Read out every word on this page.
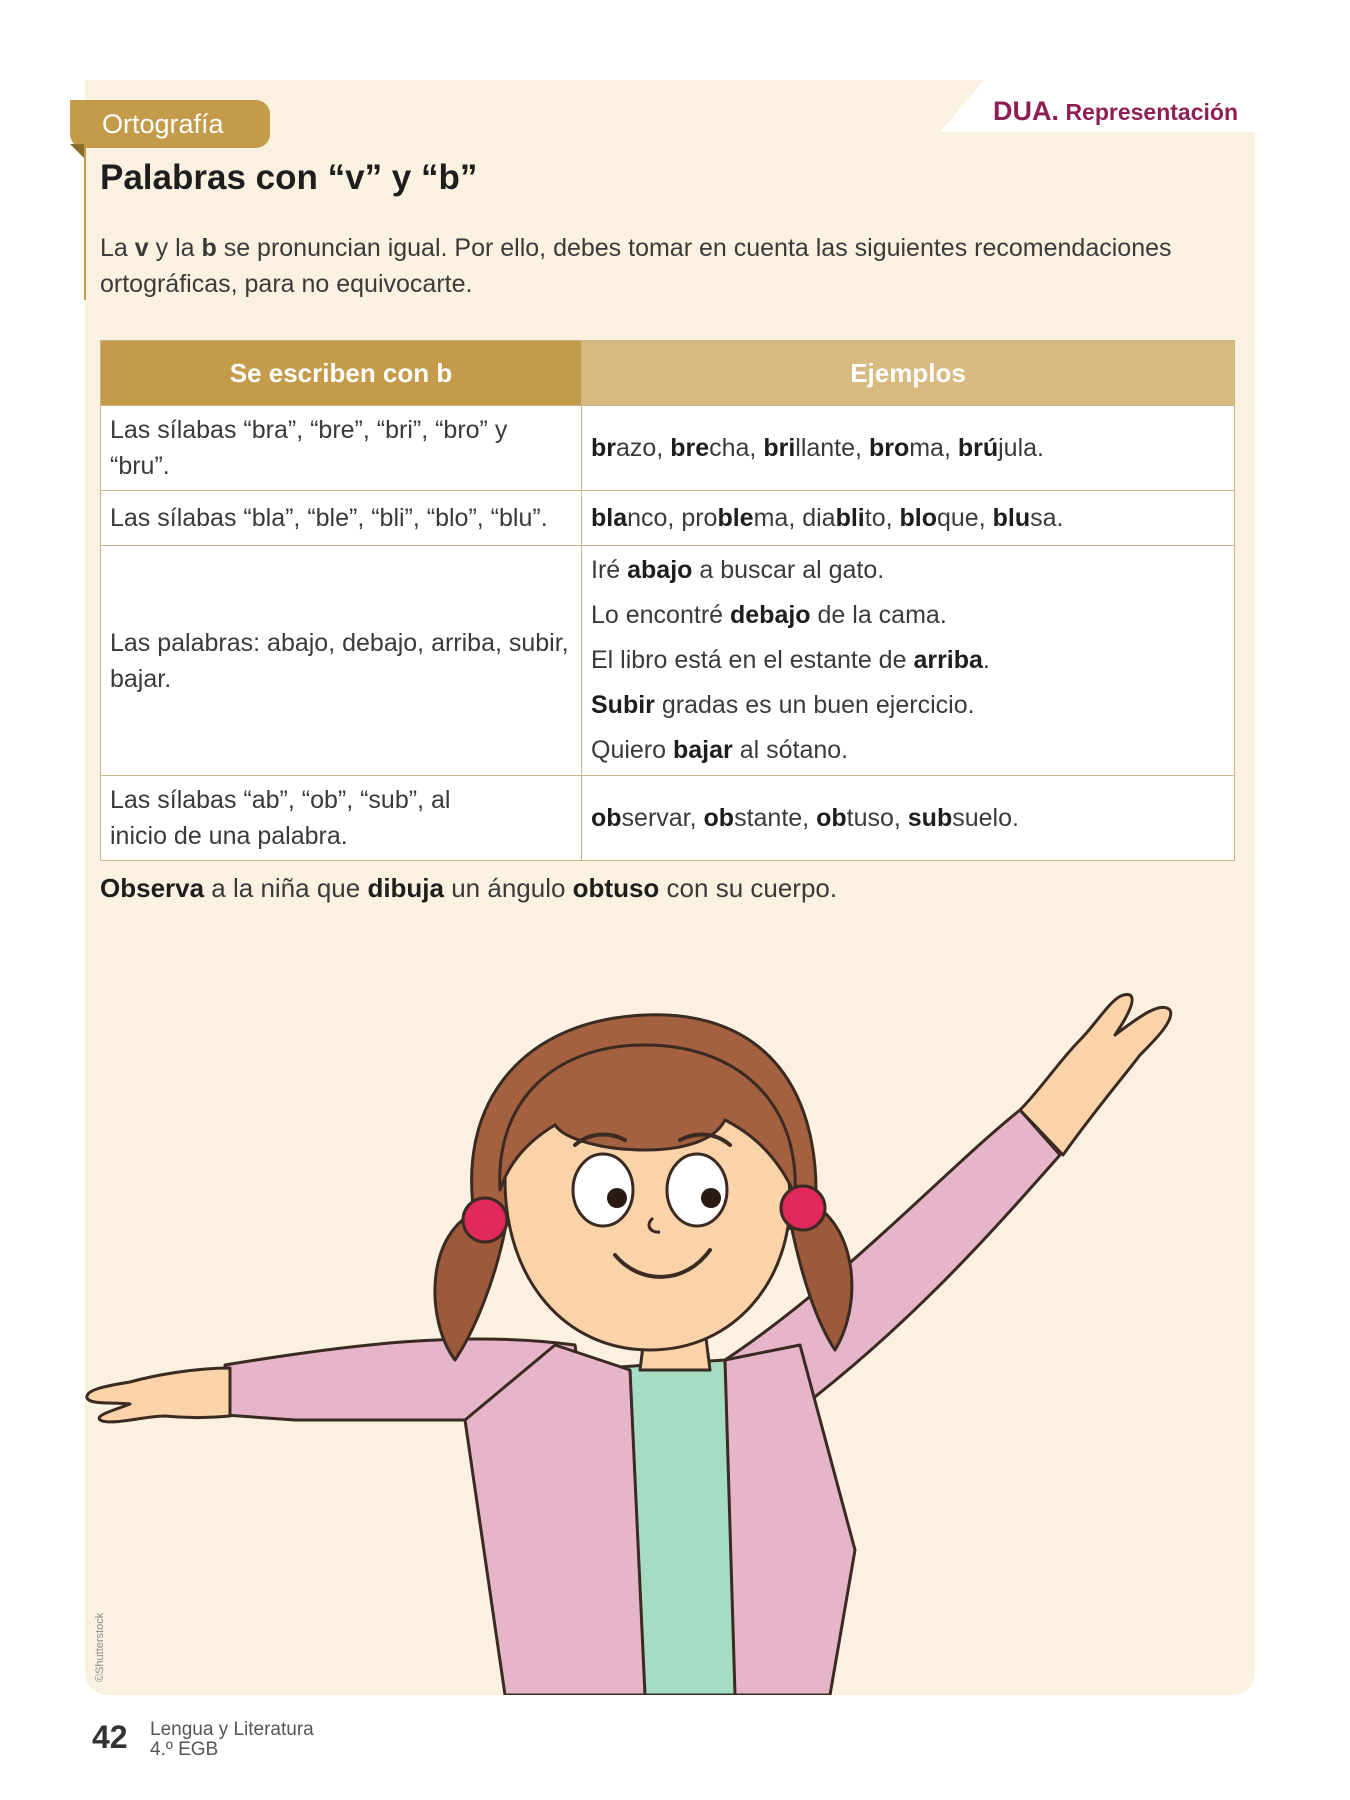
DUA. Representación
Ortografía
Palabras con “v” y “b”

La v y la b se pronuncian igual. Por ello, debes tomar en cuenta las siguientes recomendaciones ortográficas, para no equivocarte.

Se escriben con b	Ejemplos
Las sílabas “bra”, “bre”, “bri”, “bro” y “bru”.	brazo, brecha, brillante, broma, brújula.
Las sílabas “bla”, “ble”, “bli”, “blo”, “blu”.	blanco, problema, diablito, bloque, blusa.
Las palabras: abajo, debajo, arriba, subir, bajar.	Iré abajo a buscar al gato.
Lo encontré debajo de la cama.
El libro está en el estante de arriba.
Subir gradas es un buen ejercicio.
Quiero bajar al sótano.

Las sílabas “ab”, “ob”, “sub”, al inicio de una palabra.	observar, obstante, obtuso, subsuelo.

Observa a la niña que dibuja un ángulo obtuso con su cuerpo.

©Shutterstock
42 Lengua y Literatura
4.º EGB
